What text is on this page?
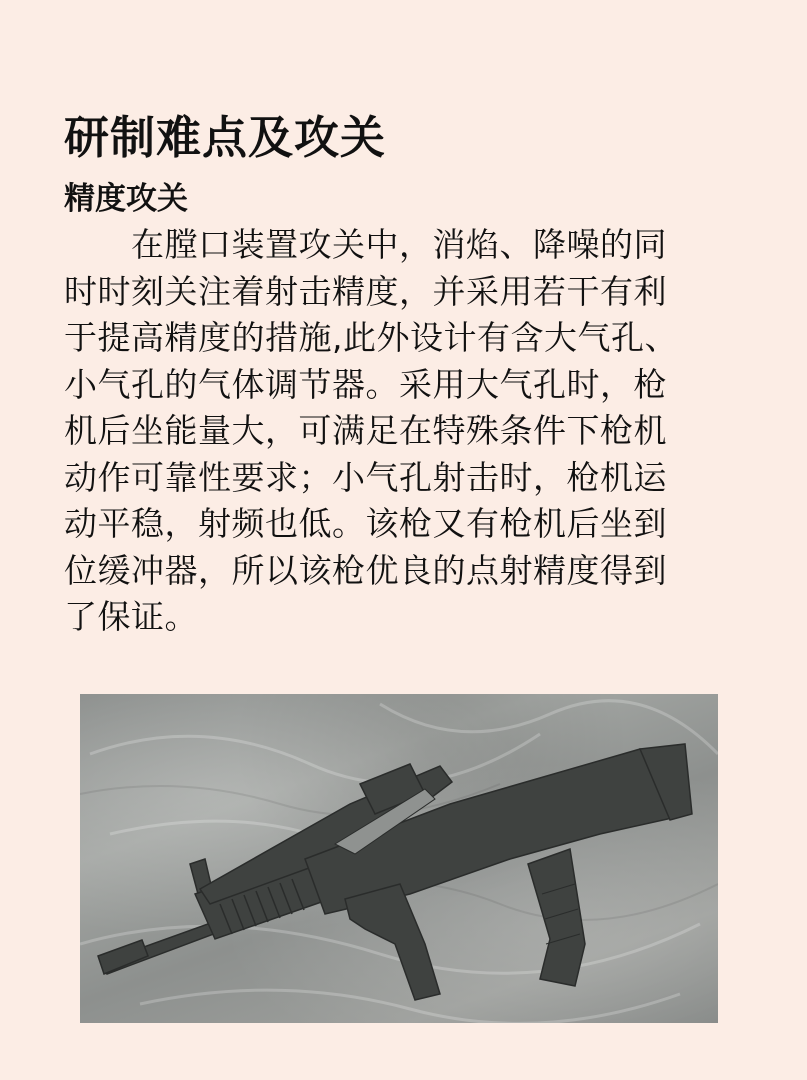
研制难点及攻关
精度攻关

　　在膛口装置攻关中，消焰、降噪的同
时时刻关注着射击精度，并采用若干有利
于提高精度的措施,此外设计有含大气孔、
小气孔的气体调节器。采用大气孔时，枪
机后坐能量大，可满足在特殊条件下枪机
动作可靠性要求；小气孔射击时，枪机运
动平稳，射频也低。该枪又有枪机后坐到
位缓冲器，所以该枪优良的点射精度得到
了保证。
